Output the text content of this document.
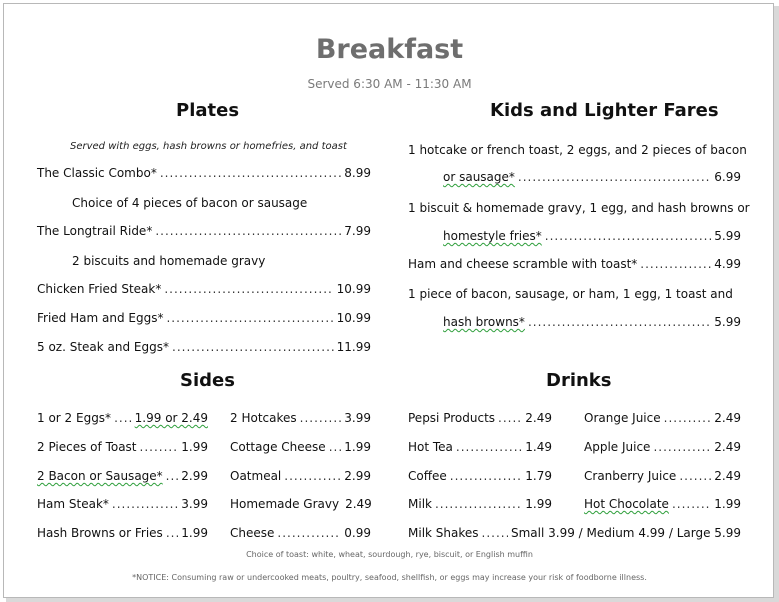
Breakfast
Served 6:30 AM - 11:30 AM
Plates
Served with eggs, hash browns or homefries, and toast
The Classic Combo* .....	8.99
Choice of 4 pieces of bacon or sausage
The Longtrail Ride* .....	7.99
2 biscuits and homemade gravy
Chicken Fried Steak* .....	10.99
Fried Ham and Eggs* .....	10.99
5 oz. Steak and Eggs* .....	11.99
Kids and Lighter Fares
1 hotcake or french toast, 2 eggs, and 2 pieces of bacon
or sausage* .....	6.99
1 biscuit & homemade gravy, 1 egg, and hash browns or
homestyle fries* .....	5.99
Ham and cheese scramble with toast* .....	4.99
1 piece of bacon, sausage, or ham, 1 egg, 1 toast and
hash browns* .....	5.99
Sides
1 or 2 Eggs* ..... 1.99 or 2.49
2 Pieces of Toast .....	1.99
2 Bacon or Sausage* ..... 2.99
Ham Steak* .....	3.99
Hash Browns or Fries ..... 1.99
2 Hotcakes .....	3.99
Cottage Cheese ..... 1.99
Oatmeal .....	2.99
Homemade Gravy 2.49
Cheese .....	0.99
Drinks
Pepsi Products .....	2.49
Hot Tea .....	1.49
Coffee .....	1.79
Milk .....	1.99
Orange Juice .....	2.49
Apple Juice .....	2.49
Cranberry Juice .....	2.49
Hot Chocolate .....	1.99
Milk Shakes .....	Small 3.99 / Medium 4.99 / Large 5.99
Choice of toast: white, wheat, sourdough, rye, biscuit, or English muffin
*NOTICE: Consuming raw or undercooked meats, poultry, seafood, shellfish, or eggs may increase your risk of foodborne illness.
